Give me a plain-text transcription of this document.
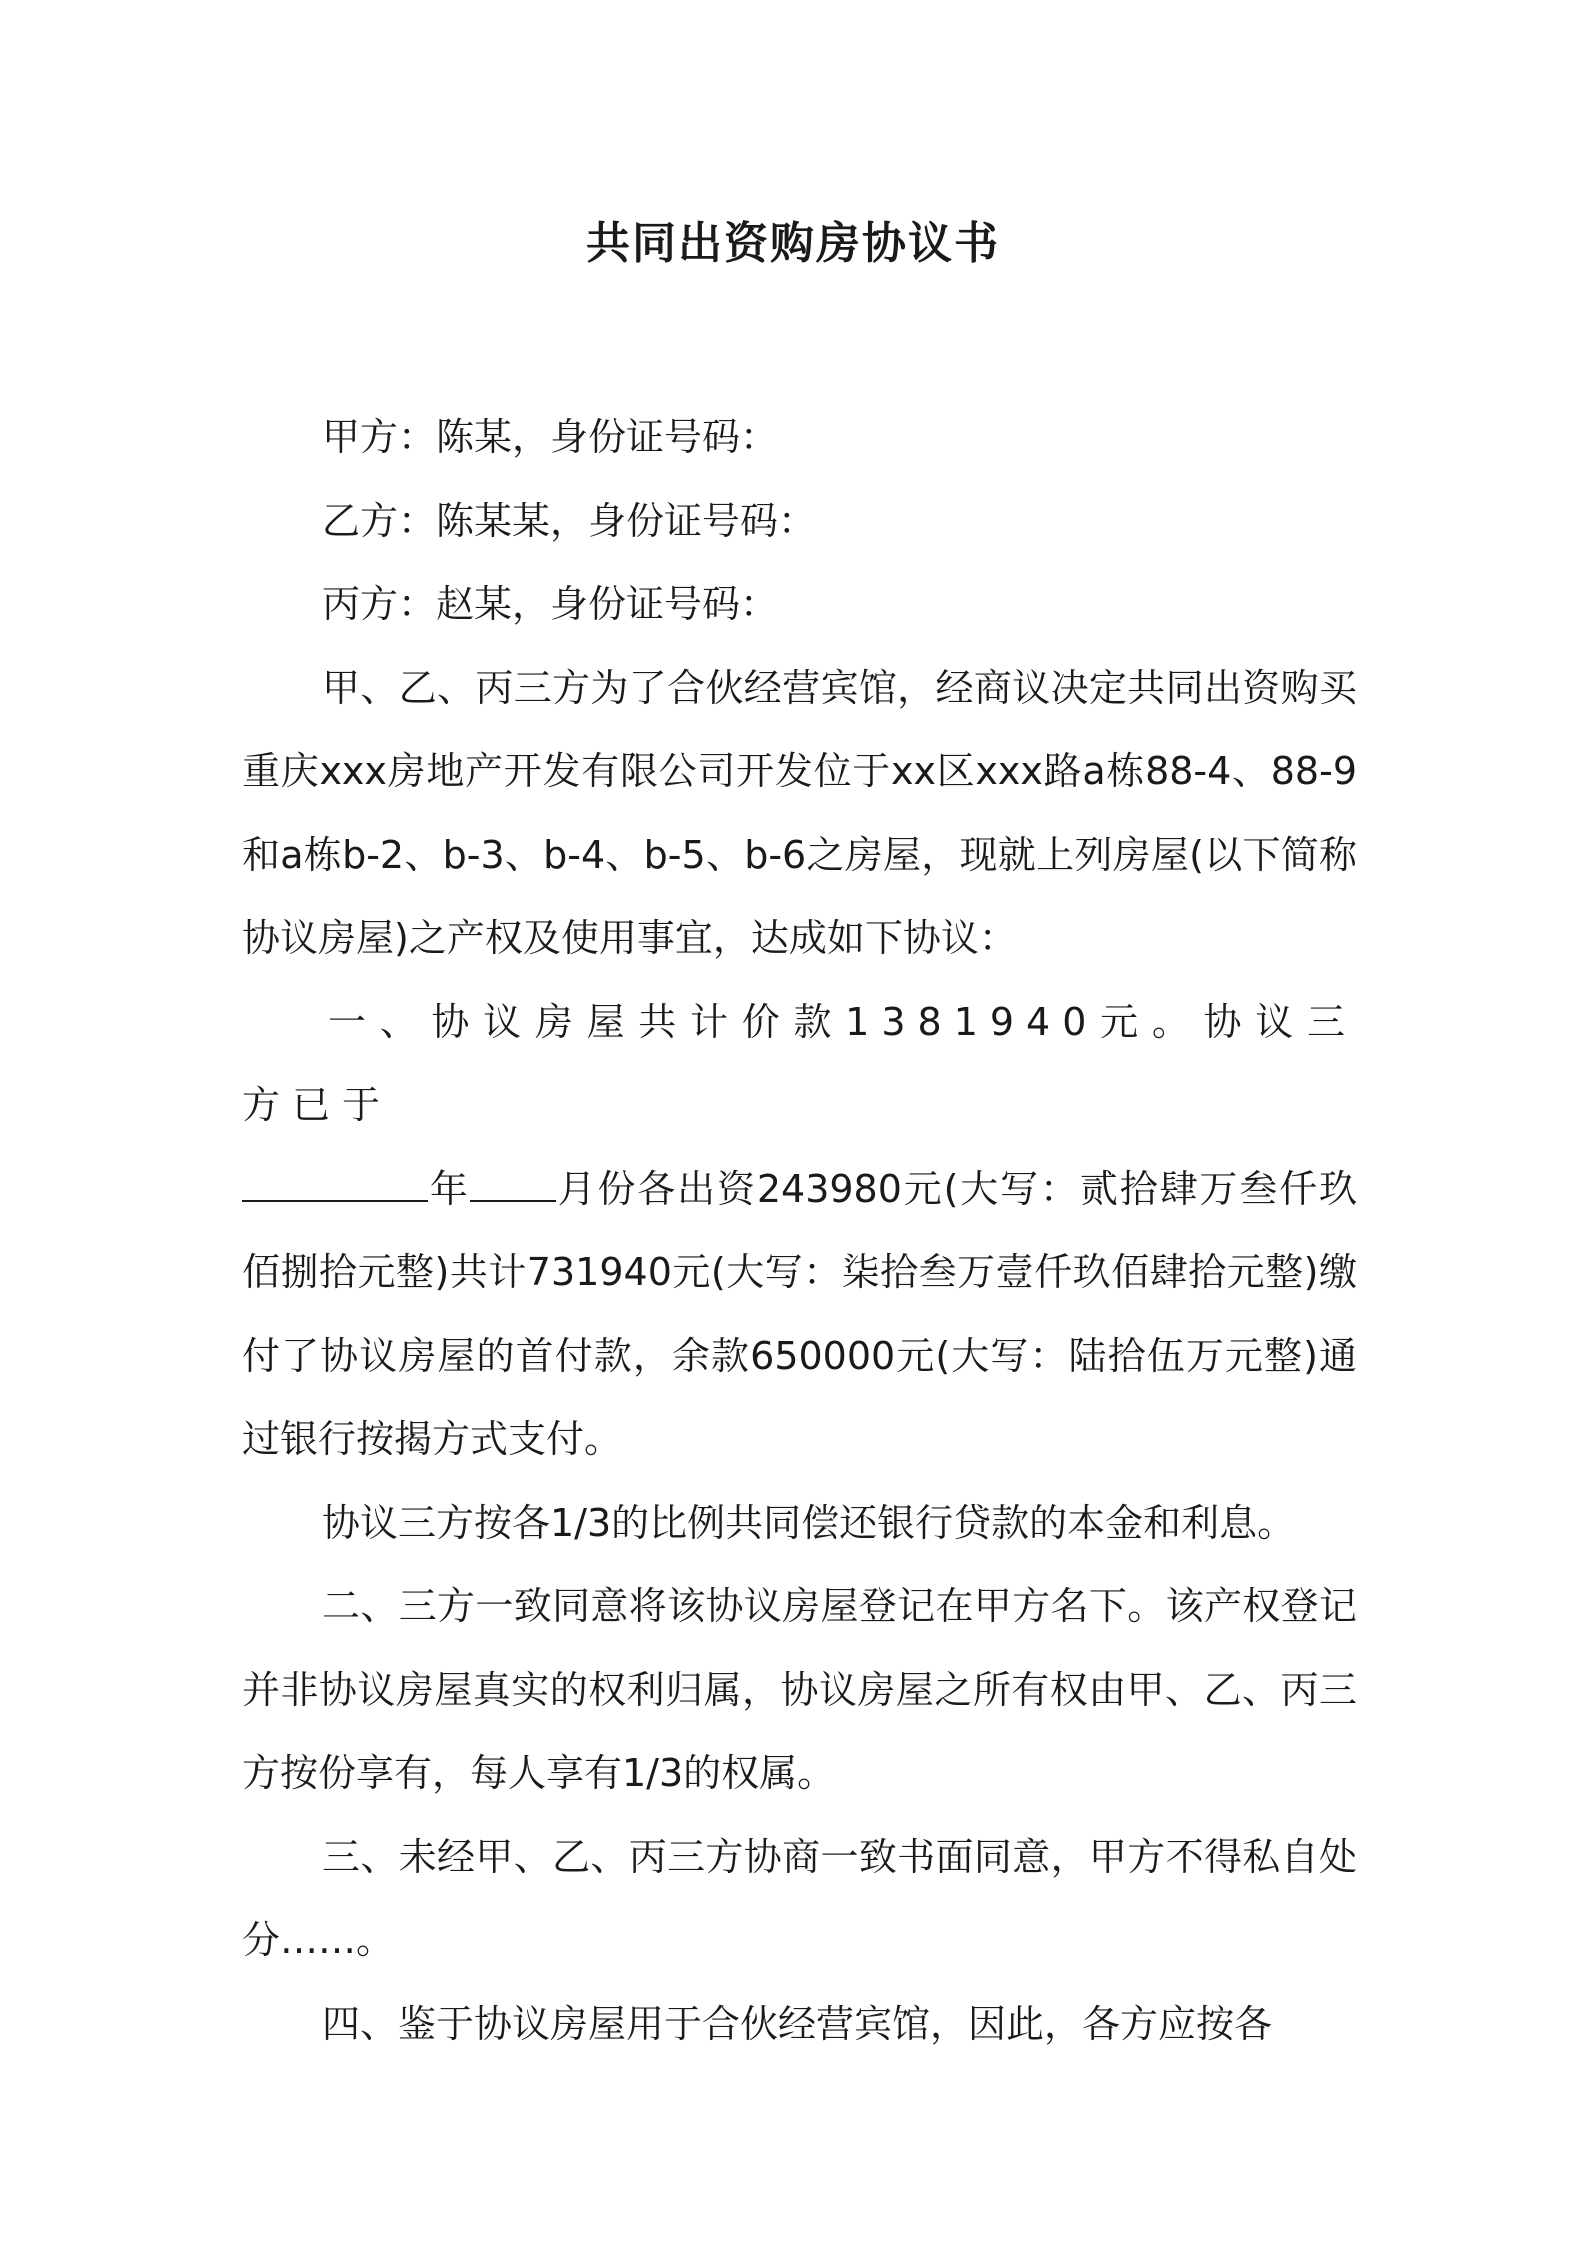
共同出资购房协议书

甲方：陈某，身份证号码：

乙方：陈某某，身份证号码：

丙方：赵某，身份证号码：

甲、乙、丙三方为了合伙经营宾馆，经商议决定共同出资购买重庆xxx房地产开发有限公司开发位于xx区xxx路a栋88-4、88-9和a栋b-2、b-3、b-4、b-5、b-6之房屋，现就上列房屋(以下简称协议房屋)之产权及使用事宜，达成如下协议：

一、协议房屋共计价款1381940元。协议三方已于
年 月份各出资243980元(大写：贰拾肆万叁仟玖佰捌拾元整)共计731940元(大写：柒拾叁万壹仟玖佰肆拾元整)缴付了协议房屋的首付款，余款650000元(大写：陆拾伍万元整)通过银行按揭方式支付。

协议三方按各1/3的比例共同偿还银行贷款的本金和利息。

二、三方一致同意将该协议房屋登记在甲方名下。该产权登记并非协议房屋真实的权利归属，协议房屋之所有权由甲、乙、丙三方按份享有，每人享有1/3的权属。

三、未经甲、乙、丙三方协商一致书面同意，甲方不得私自处分……。

四、鉴于协议房屋用于合伙经营宾馆，因此，各方应按各
